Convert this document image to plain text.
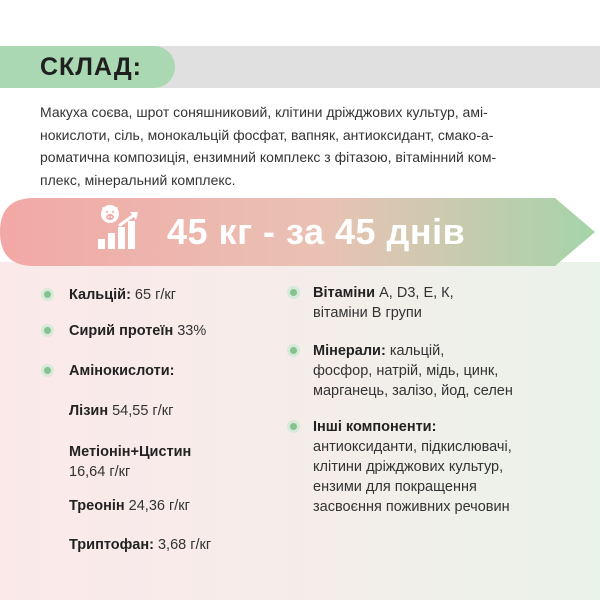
СКЛАД:
Макуха соєва, шрот соняшниковий, клітини дріжджових культур, амі-
нокислоти, сіль, монокальцій фосфат, вапняк, антиоксидант, смако-а-
роматична композиція, ензимний комплекс з фітазою, вітамінний ком-
плекс, мінеральний комплекс.
45 кг - за 45 днів
Кальцій: 65 г/кг
Сирий протеїн 33%
Амінокислоти:
Лізин 54,55 г/кг
Метіонін+Цистин
16,64 г/кг
Треонін 24,36 г/кг
Триптофан: 3,68 г/кг
Вітаміни A, D3, E, К,
вітаміни В групи
Мінерали: кальцій,
фосфор, натрій, мідь, цинк,
марганець, залізо, йод, селен
Інші компоненти:
антиоксиданти, підкислювачі,
клітини дріжджових культур,
ензими для покращення
засвоєння поживних речовин
